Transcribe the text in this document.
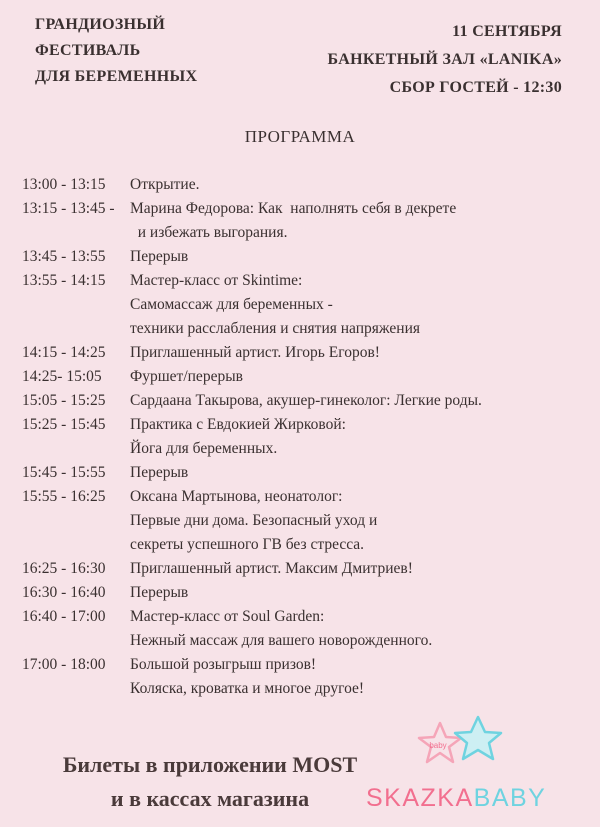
ГРАНДИОЗНЫЙ
ФЕСТИВАЛЬ
ДЛЯ БЕРЕМЕННЫХ
11 СЕНТЯБРЯ
БАНКЕТНЫЙ ЗАЛ «LANIKA»
СБОР ГОСТЕЙ - 12:30
ПРОГРАММА
13:00 - 13:15	Открытие.
13:15 - 13:45 - Марина Федорова: Как  наполнять себя в декрете
и избежать выгорания.
13:45 - 13:55	Перерыв
13:55 - 14:15	Мастер-класс от Skintime:
Самомассаж для беременных -
техники расслабления и снятия напряжения
14:15 - 14:25	Приглашенный артист. Игорь Егоров!
14:25- 15:05	Фуршет/перерыв
15:05 - 15:25	Сардаана Такырова, акушер-гинеколог: Легкие роды.
15:25 - 15:45	Практика с Евдокией Жирковой:
Йога для беременных.
15:45 - 15:55	Перерыв
15:55 - 16:25	Оксана Мартынова, неонатолог:
Первые дни дома. Безопасный уход и
секреты успешного ГВ без стресса.
16:25 - 16:30	Приглашенный артист. Максим Дмитриев!
16:30 - 16:40	Перерыв
16:40 - 17:00	Мастер-класс от Soul Garden:
Нежный массаж для вашего новорожденного.
17:00 - 18:00	Большой розыгрыш призов!
Коляска, кроватка и многое другое!
Билеты в приложении MOST
и в кассах магазина
baby
SKAZKABABY
